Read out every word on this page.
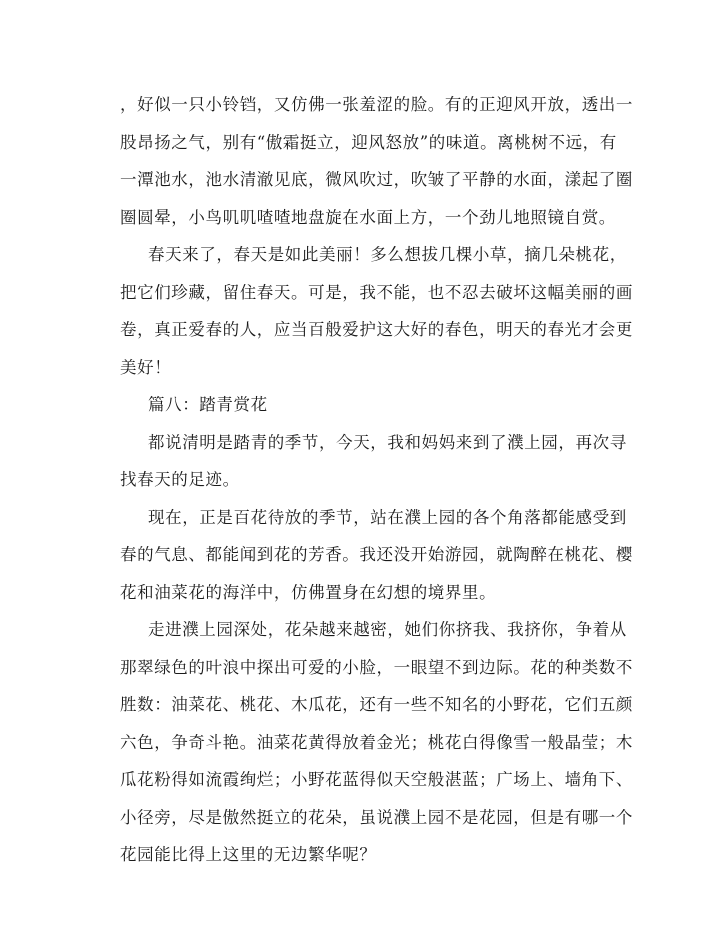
，好似一只小铃铛，又仿佛一张羞涩的脸。有的正迎风开放，透出一
股昂扬之气，别有“傲霜挺立，迎风怒放”的味道。离桃树不远，有
一潭池水，池水清澈见底，微风吹过，吹皱了平静的水面，漾起了圈
圈圆晕，小鸟叽叽喳喳地盘旋在水面上方，一个劲儿地照镜自赏。
春天来了，春天是如此美丽！多么想拔几棵小草，摘几朵桃花，
把它们珍藏，留住春天。可是，我不能，也不忍去破坏这幅美丽的画
卷，真正爱春的人，应当百般爱护这大好的春色，明天的春光才会更
美好！
篇八：踏青赏花
都说清明是踏青的季节，今天，我和妈妈来到了濮上园，再次寻
找春天的足迹。
现在，正是百花待放的季节，站在濮上园的各个角落都能感受到
春的气息、都能闻到花的芳香。我还没开始游园，就陶醉在桃花、樱
花和油菜花的海洋中，仿佛置身在幻想的境界里。
走进濮上园深处，花朵越来越密，她们你挤我、我挤你，争着从
那翠绿色的叶浪中探出可爱的小脸，一眼望不到边际。花的种类数不
胜数：油菜花、桃花、木瓜花，还有一些不知名的小野花，它们五颜
六色，争奇斗艳。油菜花黄得放着金光；桃花白得像雪一般晶莹；木
瓜花粉得如流霞绚烂；小野花蓝得似天空般湛蓝；广场上、墙角下、
小径旁，尽是傲然挺立的花朵，虽说濮上园不是花园，但是有哪一个
花园能比得上这里的无边繁华呢？
